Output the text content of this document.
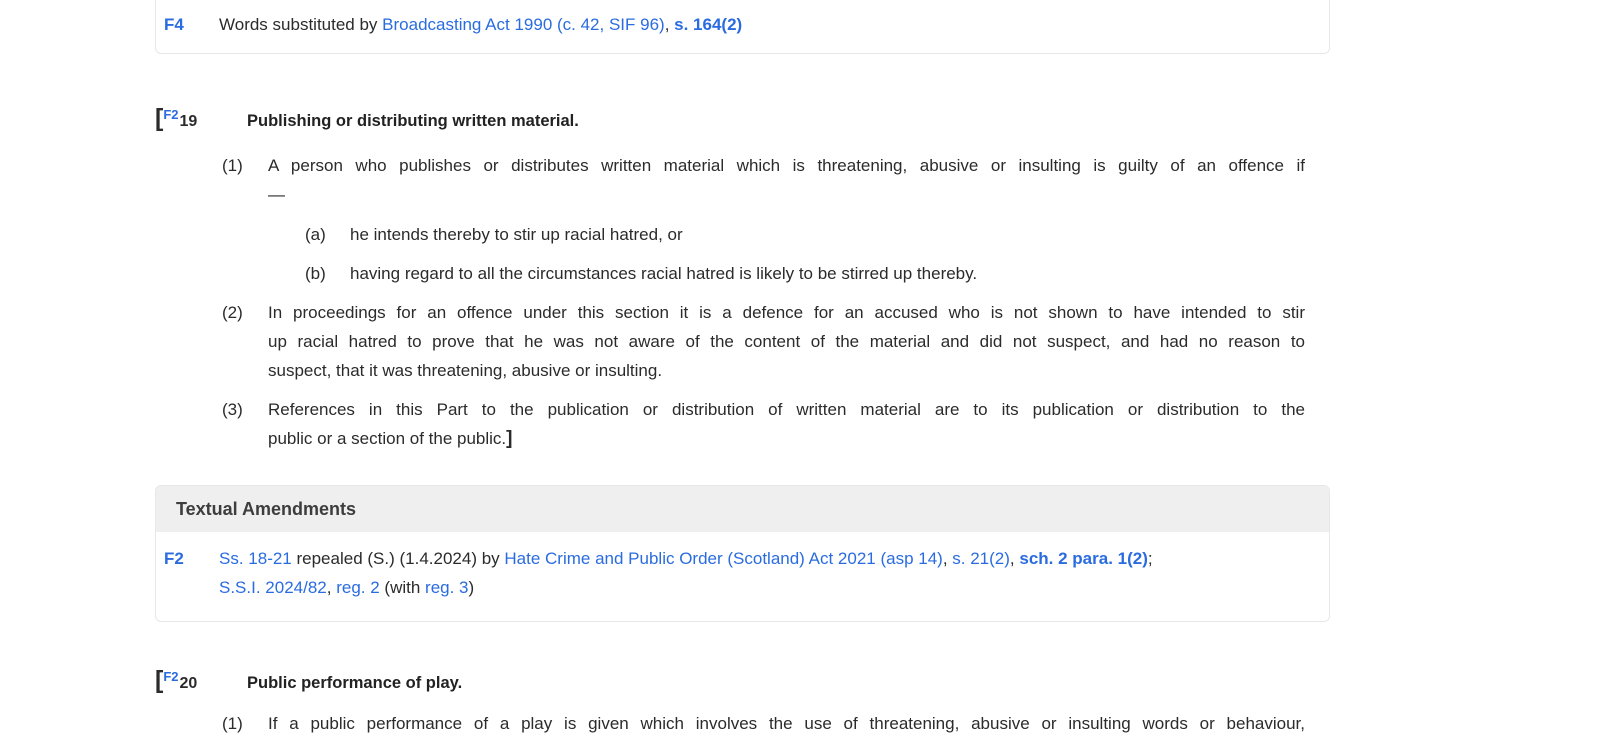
F4	Words substituted by Broadcasting Act 1990 (c. 42, SIF 96), s. 164(2)
[$^{F2}$19	Publishing or distributing written material.
(1)	A person who publishes or distributes written material which is threatening, abusive or insulting is guilty of an offence if
—
(a)	he intends thereby to stir up racial hatred, or
(b)	having regard to all the circumstances racial hatred is likely to be stirred up thereby.
(2)	In proceedings for an offence under this section it is a defence for an accused who is not shown to have intended to stir
up racial hatred to prove that he was not aware of the content of the material and did not suspect, and had no reason to
suspect, that it was threatening, abusive or insulting.
(3)	References in this Part to the publication or distribution of written material are to its publication or distribution to the
public or a section of the public.]
Textual Amendments
F2	Ss. 18-21 repealed (S.) (1.4.2024) by Hate Crime and Public Order (Scotland) Act 2021 (asp 14), s. 21(2), sch. 2 para. 1(2);
S.S.I. 2024/82, reg. 2 (with reg. 3)
[$^{F2}$20	Public performance of play.
(1)	If a public performance of a play is given which involves the use of threatening, abusive or insulting words or behaviour,
